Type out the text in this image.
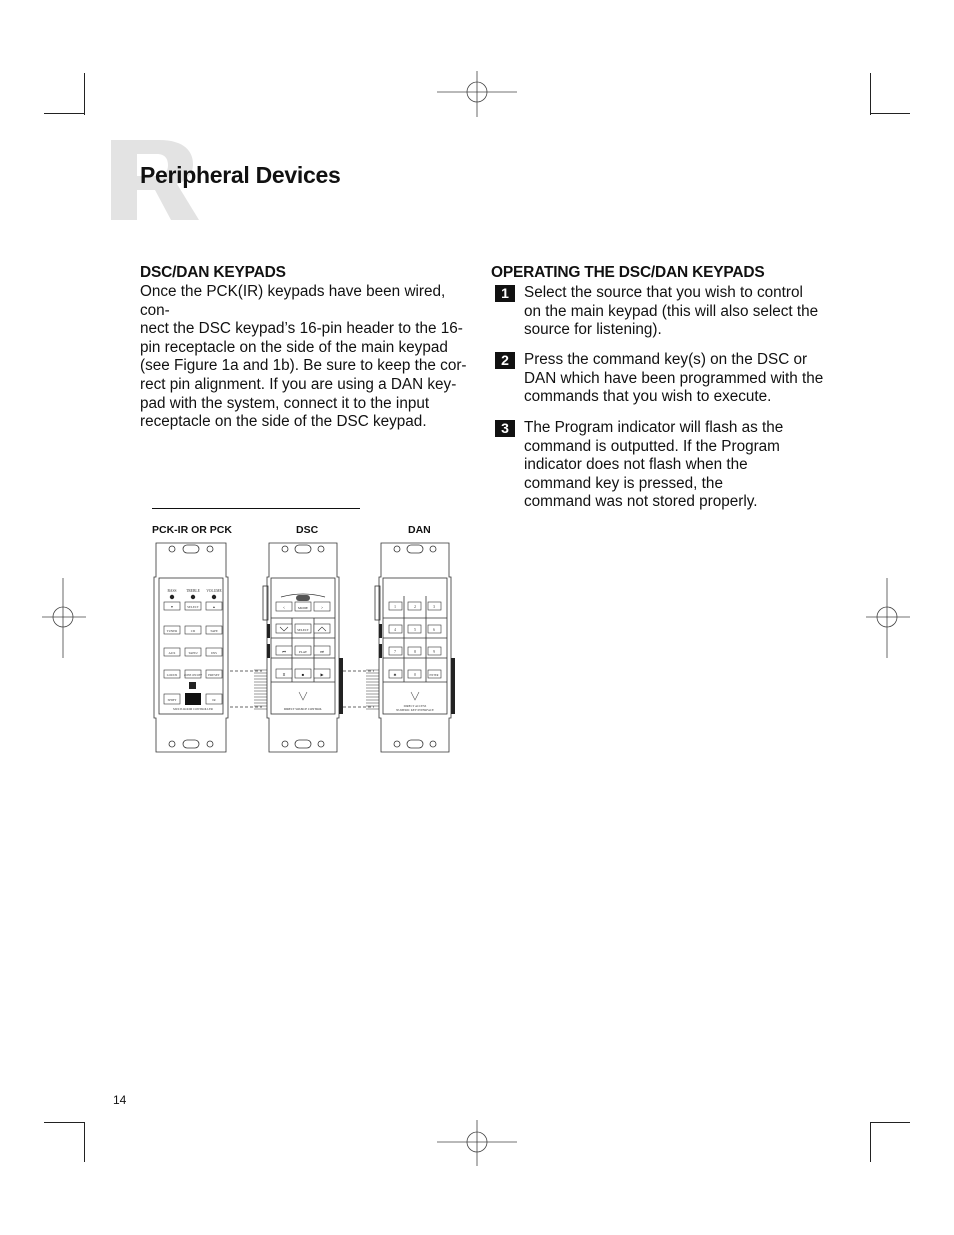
Peripheral Devices
DSC/DAN KEYPADS

Once the PCK(IR) keypads have been wired, con-

nect the DSC keypad’s 16-pin header to the 16-

pin receptacle on the side of the main keypad

(see Figure 1a and 1b). Be sure to keep the cor-

rect pin alignment. If you are using a DAN key-

pad with the system, connect it to the input

receptacle on the side of the DSC keypad.

OPERATING THE DSC/DAN KEYPADS
1 Select the source that you wish to control

on the main keypad (this will also select the

source for listening).

2 Press the command key(s) on the DSC or

DAN which have been programmed with the

commands that you wish to execute.

3 The Program indicator will flash as the

command is outputted. If the Program

indicator does not flash when the

command key is pressed, the

command was not stored properly.

PCK-IR OR PCK	DSC	DAN
BASS	TREBLE VOLUME
▼	SELECT	▲
TUNER	CD	TAPE
AUX	TAPE2	DSS
LOUDS ZONE ON/OFF PRESET
SHIFT	IR
MULTI-ROOM CONTROLLER
<	MODE	>
SELECT
⏮	PLAY	⏭
II	■	▶
DIRECT SOURCE CONTROL
1	2	3
4	5	6
7	8	9
✱	0	ENTER
DIRECT ACCESS
NUMERIC KEY INTERFACE
14
